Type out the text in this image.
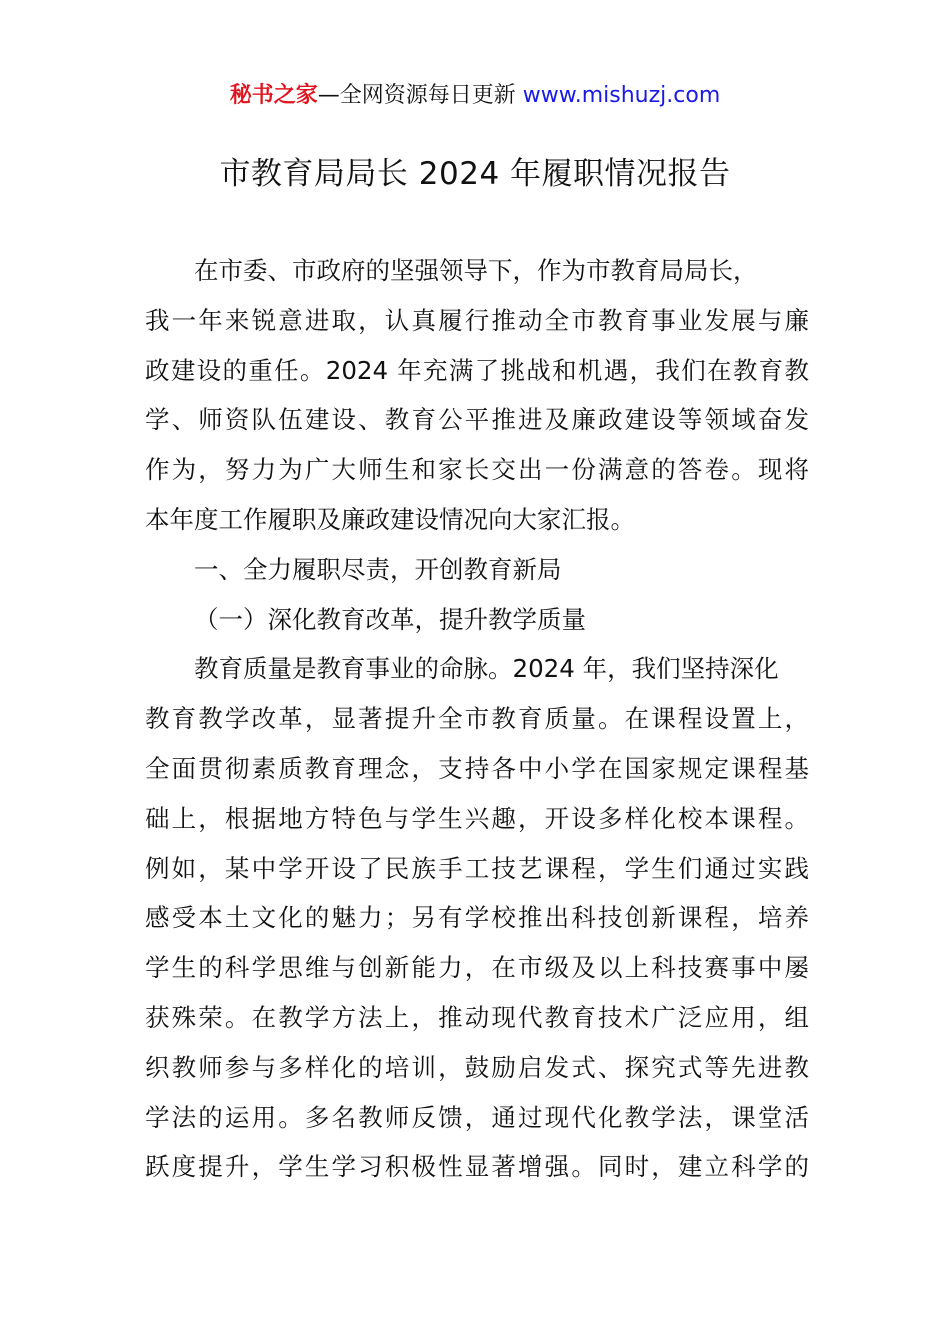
秘书之家—全网资源每日更新 www.mishuzj.com
市教育局局长 2024 年履职情况报告
在市委、市政府的坚强领导下，作为市教育局局长，
我一年来锐意进取，认真履行推动全市教育事业发展与廉
政建设的重任。2024 年充满了挑战和机遇，我们在教育教
学、师资队伍建设、教育公平推进及廉政建设等领域奋发
作为，努力为广大师生和家长交出一份满意的答卷。现将
本年度工作履职及廉政建设情况向大家汇报。
一、全力履职尽责，开创教育新局
（一）深化教育改革，提升教学质量
教育质量是教育事业的命脉。2024 年，我们坚持深化
教育教学改革，显著提升全市教育质量。在课程设置上，
全面贯彻素质教育理念，支持各中小学在国家规定课程基
础上，根据地方特色与学生兴趣，开设多样化校本课程。
例如，某中学开设了民族手工技艺课程，学生们通过实践
感受本土文化的魅力；另有学校推出科技创新课程，培养
学生的科学思维与创新能力，在市级及以上科技赛事中屡
获殊荣。在教学方法上，推动现代教育技术广泛应用，组
织教师参与多样化的培训，鼓励启发式、探究式等先进教
学法的运用。多名教师反馈，通过现代化教学法，课堂活
跃度提升，学生学习积极性显著增强。同时，建立科学的
